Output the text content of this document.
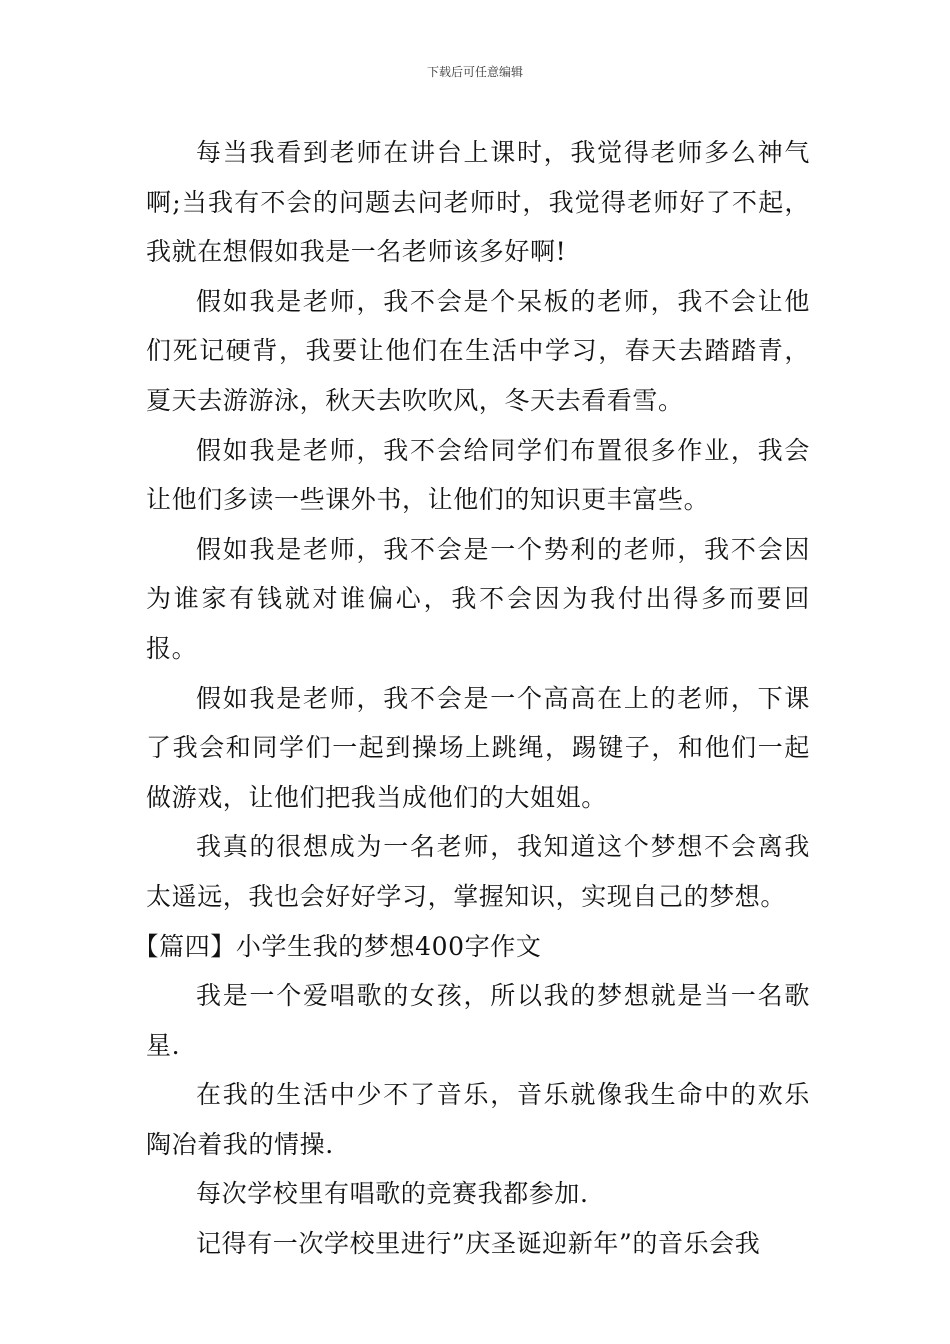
下载后可任意编辑

每当我看到老师在讲台上课时，我觉得老师多么神气啊;当我有不会的问题去问老师时，我觉得老师好了不起，我就在想假如我是一名老师该多好啊!

假如我是老师，我不会是个呆板的老师，我不会让他们死记硬背，我要让他们在生活中学习，春天去踏踏青，夏天去游游泳，秋天去吹吹风，冬天去看看雪。

假如我是老师，我不会给同学们布置很多作业，我会让他们多读一些课外书，让他们的知识更丰富些。

假如我是老师，我不会是一个势利的老师，我不会因为谁家有钱就对谁偏心，我不会因为我付出得多而要回报。

假如我是老师，我不会是一个高高在上的老师，下课了我会和同学们一起到操场上跳绳，踢键子，和他们一起做游戏，让他们把我当成他们的大姐姐。

我真的很想成为一名老师，我知道这个梦想不会离我太遥远，我也会好好学习，掌握知识，实现自己的梦想。

【篇四】小学生我的梦想400字作文

我是一个爱唱歌的女孩，所以我的梦想就是当一名歌星.

在我的生活中少不了音乐，音乐就像我生命中的欢乐陶冶着我的情操.

每次学校里有唱歌的竞赛我都参加.

记得有一次学校里进行”庆圣诞迎新年”的音乐会我
